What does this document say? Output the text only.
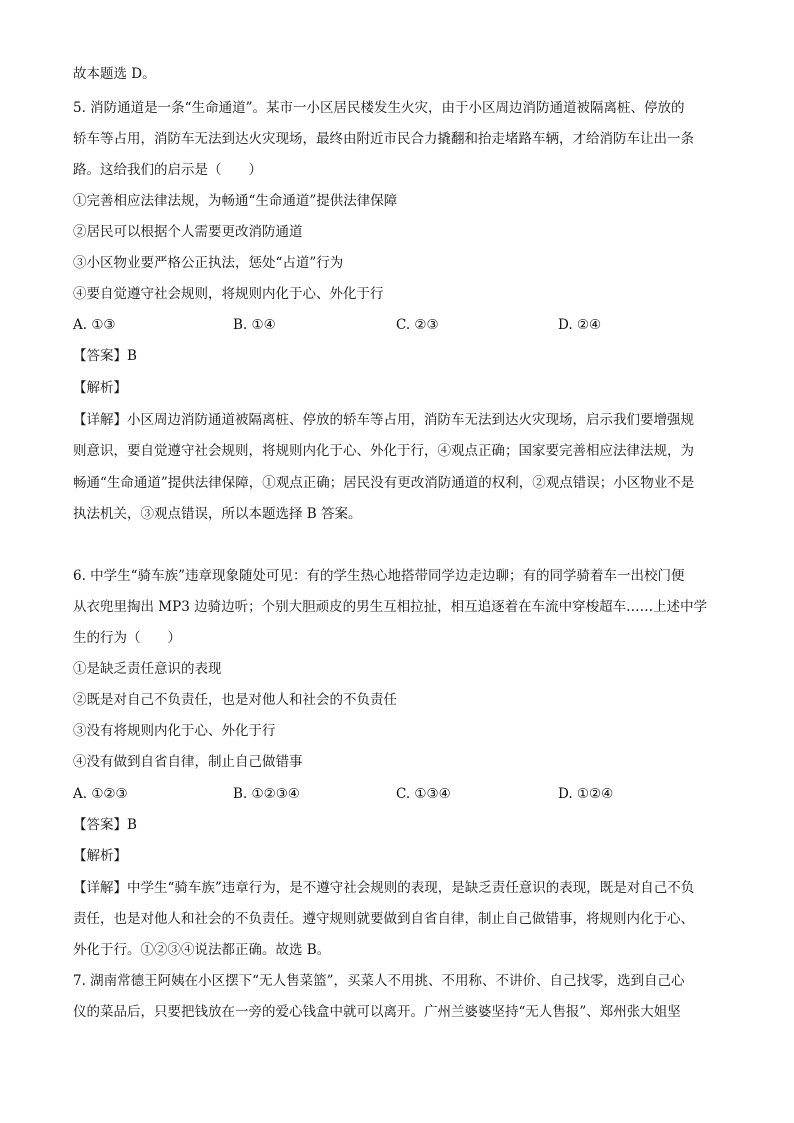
故本题选 D。
5. 消防通道是一条“生命通道”。某市一小区居民楼发生火灾，由于小区周边消防通道被隔离桩、停放的
轿车等占用，消防车无法到达火灾现场，最终由附近市民合力撬翻和抬走堵路车辆，才给消防车让出一条
路。这给我们的启示是（　　）
①完善相应法律法规，为畅通“生命通道”提供法律保障
②居民可以根据个人需要更改消防通道
③小区物业要严格公正执法，惩处“占道”行为
④要自觉遵守社会规则，将规则内化于心、外化于行
A. ①③	B. ①④	C. ②③	D. ②④
【答案】B
【解析】
【详解】小区周边消防通道被隔离桩、停放的轿车等占用，消防车无法到达火灾现场，启示我们要增强规
则意识，要自觉遵守社会规则，将规则内化于心、外化于行，④观点正确；国家要完善相应法律法规，为
畅通“生命通道”提供法律保障，①观点正确；居民没有更改消防通道的权利，②观点错误；小区物业不是
执法机关，③观点错误，所以本题选择 B 答案。
6. 中学生“骑车族”违章现象随处可见：有的学生热心地搭带同学边走边聊；有的同学骑着车一出校门便
从衣兜里掏出 MP3 边骑边听；个别大胆顽皮的男生互相拉扯，相互追逐着在车流中穿梭超车……上述中学
生的行为（　　）
①是缺乏责任意识的表现
②既是对自己不负责任，也是对他人和社会的不负责任
③没有将规则内化于心、外化于行
④没有做到自省自律，制止自己做错事
A. ①②③	B. ①②③④	C. ①③④	D. ①②④
【答案】B
【解析】
【详解】中学生“骑车族”违章行为，是不遵守社会规则的表现，是缺乏责任意识的表现，既是对自己不负
责任，也是对他人和社会的不负责任。遵守规则就要做到自省自律，制止自己做错事，将规则内化于心、
外化于行。①②③④说法都正确。故选 B。
7. 湖南常德王阿姨在小区摆下“无人售菜篮”，买菜人不用挑、不用称、不讲价、自己找零，选到自己心
仪的菜品后，只要把钱放在一旁的爱心钱盒中就可以离开。广州兰婆婆坚持“无人售报”、郑州张大姐坚
